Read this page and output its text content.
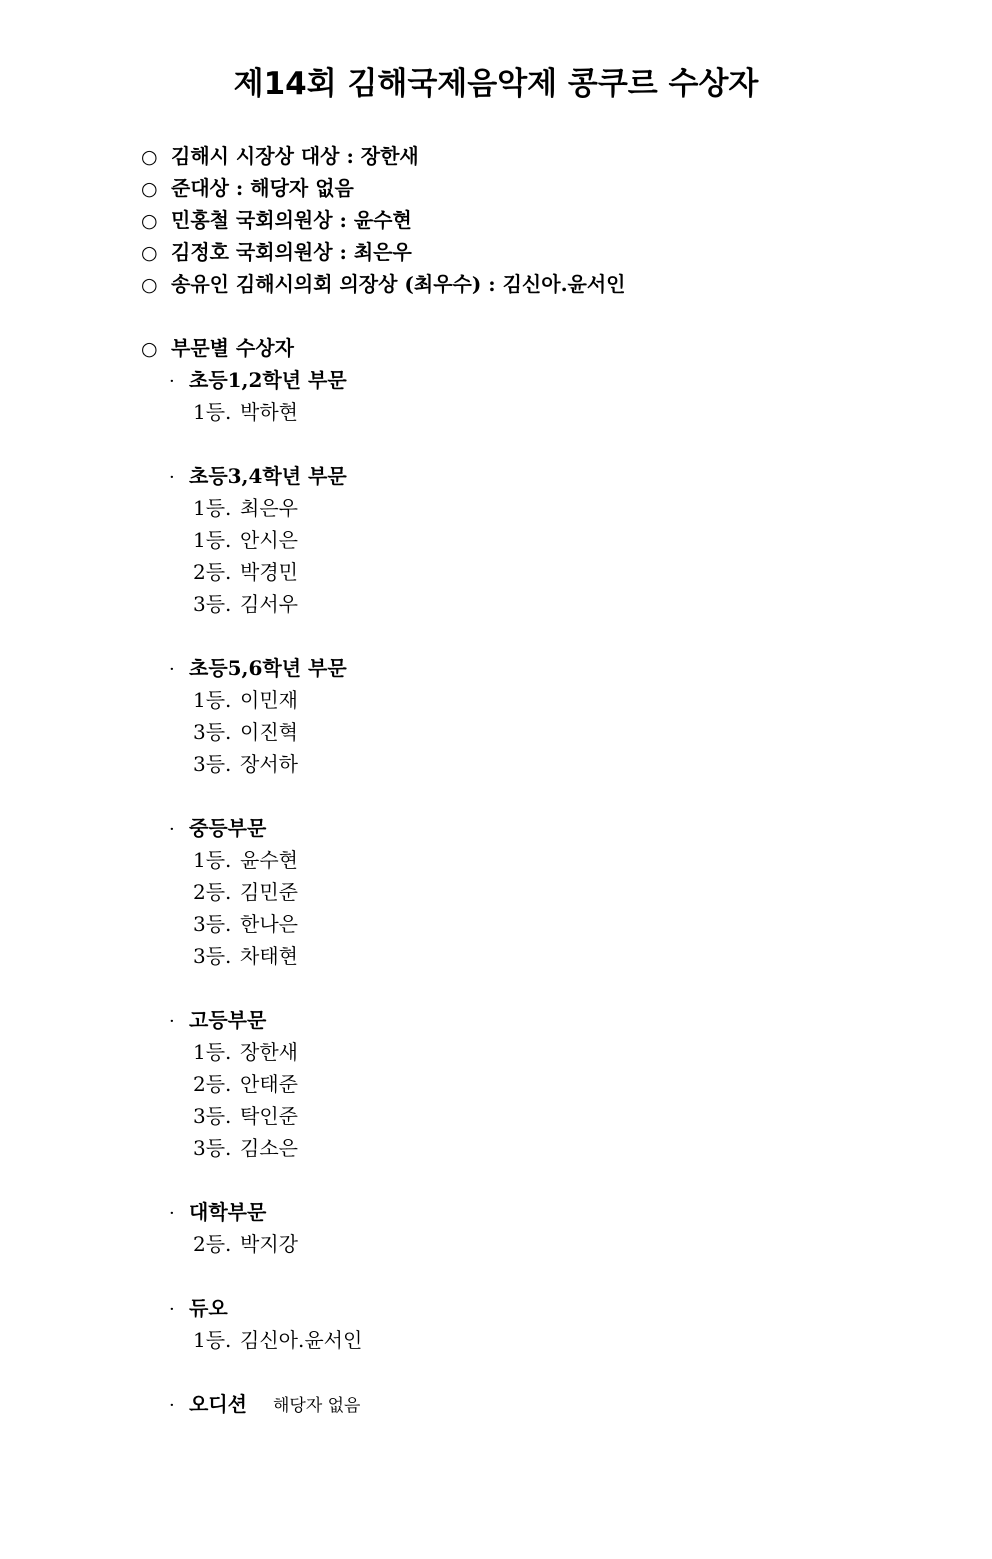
제14회 김해국제음악제 콩쿠르 수상자
○ 김해시 시장상 대상 : 장한새
○ 준대상 : 해당자 없음
○ 민홍철 국회의원상 : 윤수현
○ 김정호 국회의원상 : 최은우
○ 송유인 김해시의회 의장상 (최우수) : 김신아.윤서인
○ 부문별 수상자
· 초등1,2학년 부문
1등. 박하현
· 초등3,4학년 부문
1등. 최은우
1등. 안시은
2등. 박경민
3등. 김서우
· 초등5,6학년 부문
1등. 이민재
3등. 이진혁
3등. 장서하
· 중등부문
1등. 윤수현
2등. 김민준
3등. 한나은
3등. 차태현
· 고등부문
1등. 장한새
2등. 안태준
3등. 탁인준
3등. 김소은
· 대학부문
2등. 박지강
· 듀오
1등. 김신아.윤서인
· 오디션 해당자 없음
